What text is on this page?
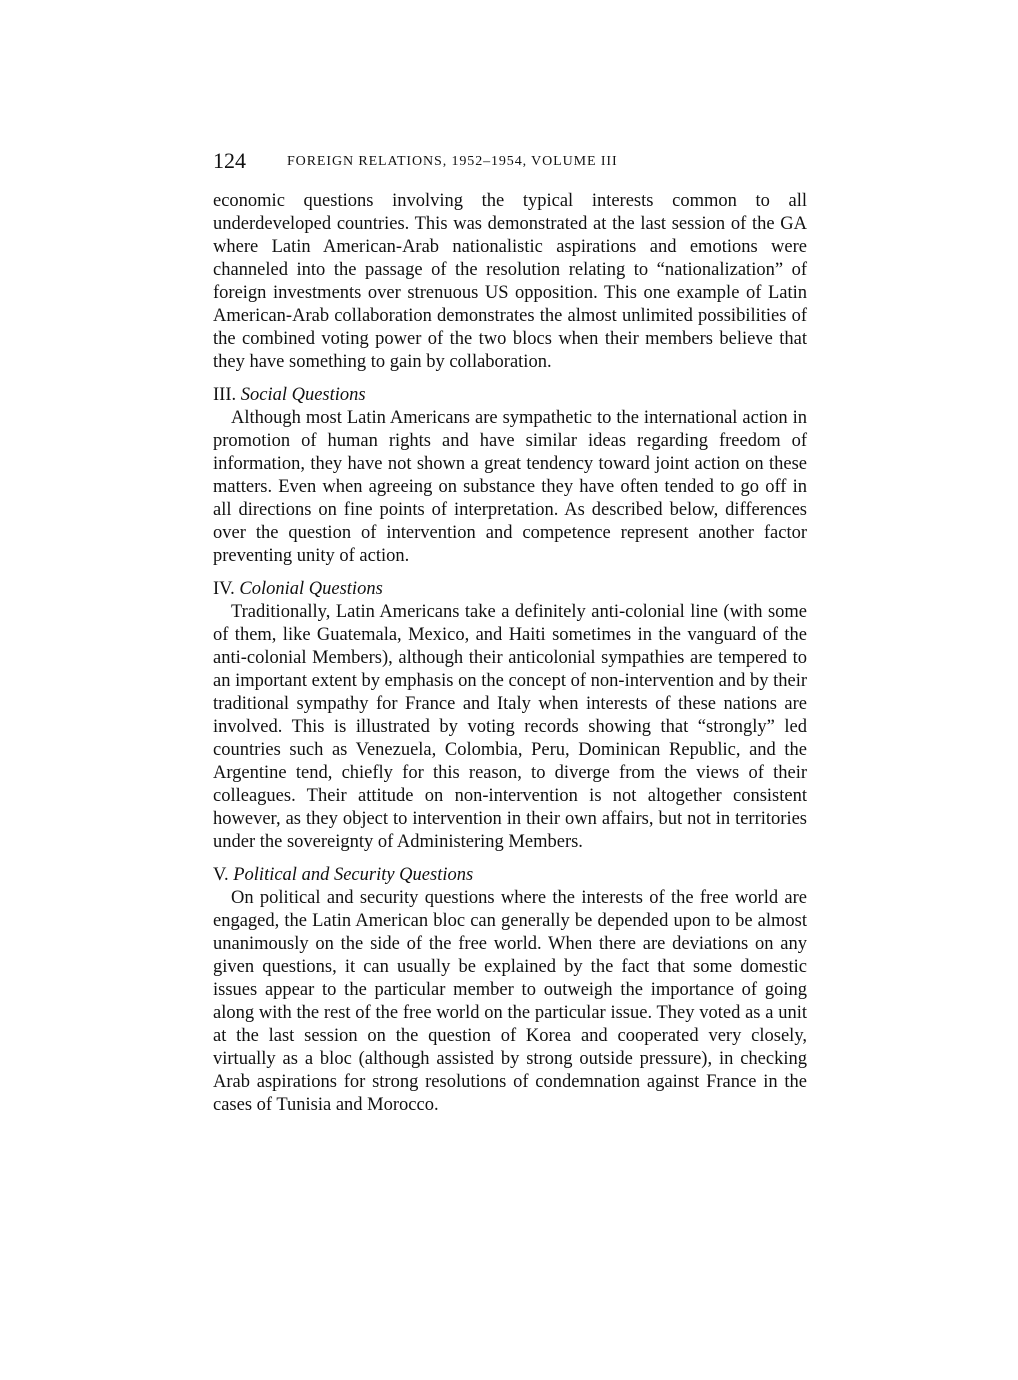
124	FOREIGN RELATIONS, 1952–1954, VOLUME III

economic questions involving the typical interests common to all underdeveloped countries. This was demonstrated at the last session of the GA where Latin American-Arab nationalistic aspirations and emotions were channeled into the passage of the resolution relating to “nationalization” of foreign investments over strenuous US opposition. This one example of Latin American-Arab collaboration demonstrates the almost unlimited possibilities of the combined voting power of the two blocs when their members believe that they have something to gain by collaboration.

III. Social Questions

Although most Latin Americans are sympathetic to the international action in promotion of human rights and have similar ideas regarding freedom of information, they have not shown a great tendency toward joint action on these matters. Even when agreeing on substance they have often tended to go off in all directions on fine points of interpretation. As described below, differences over the question of intervention and competence represent another factor preventing unity of action.

IV. Colonial Questions

Traditionally, Latin Americans take a definitely anti-colonial line (with some of them, like Guatemala, Mexico, and Haiti sometimes in the vanguard of the anti-colonial Members), although their anticolonial sympathies are tempered to an important extent by emphasis on the concept of non-intervention and by their traditional sympathy for France and Italy when interests of these nations are involved. This is illustrated by voting records showing that “strongly” led countries such as Venezuela, Colombia, Peru, Dominican Republic, and the Argentine tend, chiefly for this reason, to diverge from the views of their colleagues. Their attitude on non-intervention is not altogether consistent however, as they object to intervention in their own affairs, but not in territories under the sovereignty of Administering Members.

V. Political and Security Questions

On political and security questions where the interests of the free world are engaged, the Latin American bloc can generally be depended upon to be almost unanimously on the side of the free world. When there are deviations on any given questions, it can usually be explained by the fact that some domestic issues appear to the particular member to outweigh the importance of going along with the rest of the free world on the particular issue. They voted as a unit at the last session on the question of Korea and cooperated very closely, virtually as a bloc (although assisted by strong outside pressure), in checking Arab aspirations for strong resolutions of condemnation against France in the cases of Tunisia and Morocco.
